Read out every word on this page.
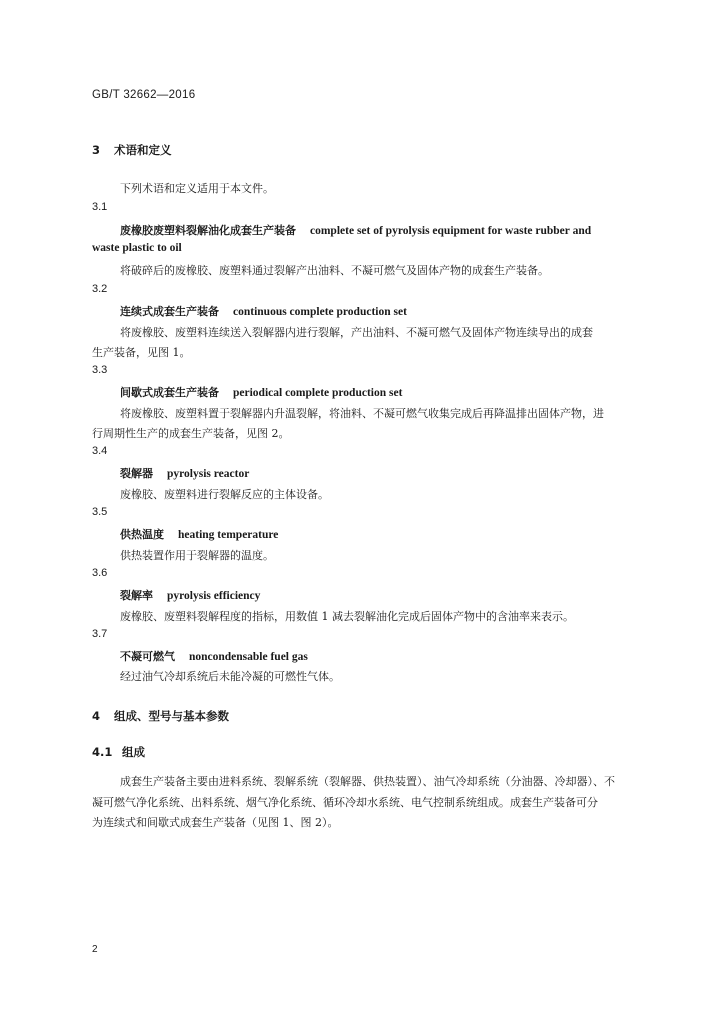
GB/T 32662—2016
3 术语和定义
下列术语和定义适用于本文件。
3.1
废橡胶废塑料裂解油化成套生产装备 complete set of pyrolysis equipment for waste rubber and
waste plastic to oil
将破碎后的废橡胶、废塑料通过裂解产出油料、不凝可燃气及固体产物的成套生产装备。
3.2
连续式成套生产装备 continuous complete production set
将废橡胶、废塑料连续送入裂解器内进行裂解，产出油料、不凝可燃气及固体产物连续导出的成套
生产装备，见图 1。
3.3
间歇式成套生产装备 periodical complete production set
将废橡胶、废塑料置于裂解器内升温裂解，将油料、不凝可燃气收集完成后再降温排出固体产物，进
行周期性生产的成套生产装备，见图 2。
3.4
裂解器 pyrolysis reactor
废橡胶、废塑料进行裂解反应的主体设备。
3.5
供热温度 heating temperature
供热装置作用于裂解器的温度。
3.6
裂解率 pyrolysis efficiency
废橡胶、废塑料裂解程度的指标，用数值 1 减去裂解油化完成后固体产物中的含油率来表示。
3.7
不凝可燃气 noncondensable fuel gas
经过油气冷却系统后未能冷凝的可燃性气体。
4 组成、型号与基本参数
4.1 组成
成套生产装备主要由进料系统、裂解系统（裂解器、供热装置）、油气冷却系统（分油器、冷却器）、不
凝可燃气净化系统、出料系统、烟气净化系统、循环冷却水系统、电气控制系统组成。成套生产装备可分
为连续式和间歇式成套生产装备（见图 1、图 2）。
2
